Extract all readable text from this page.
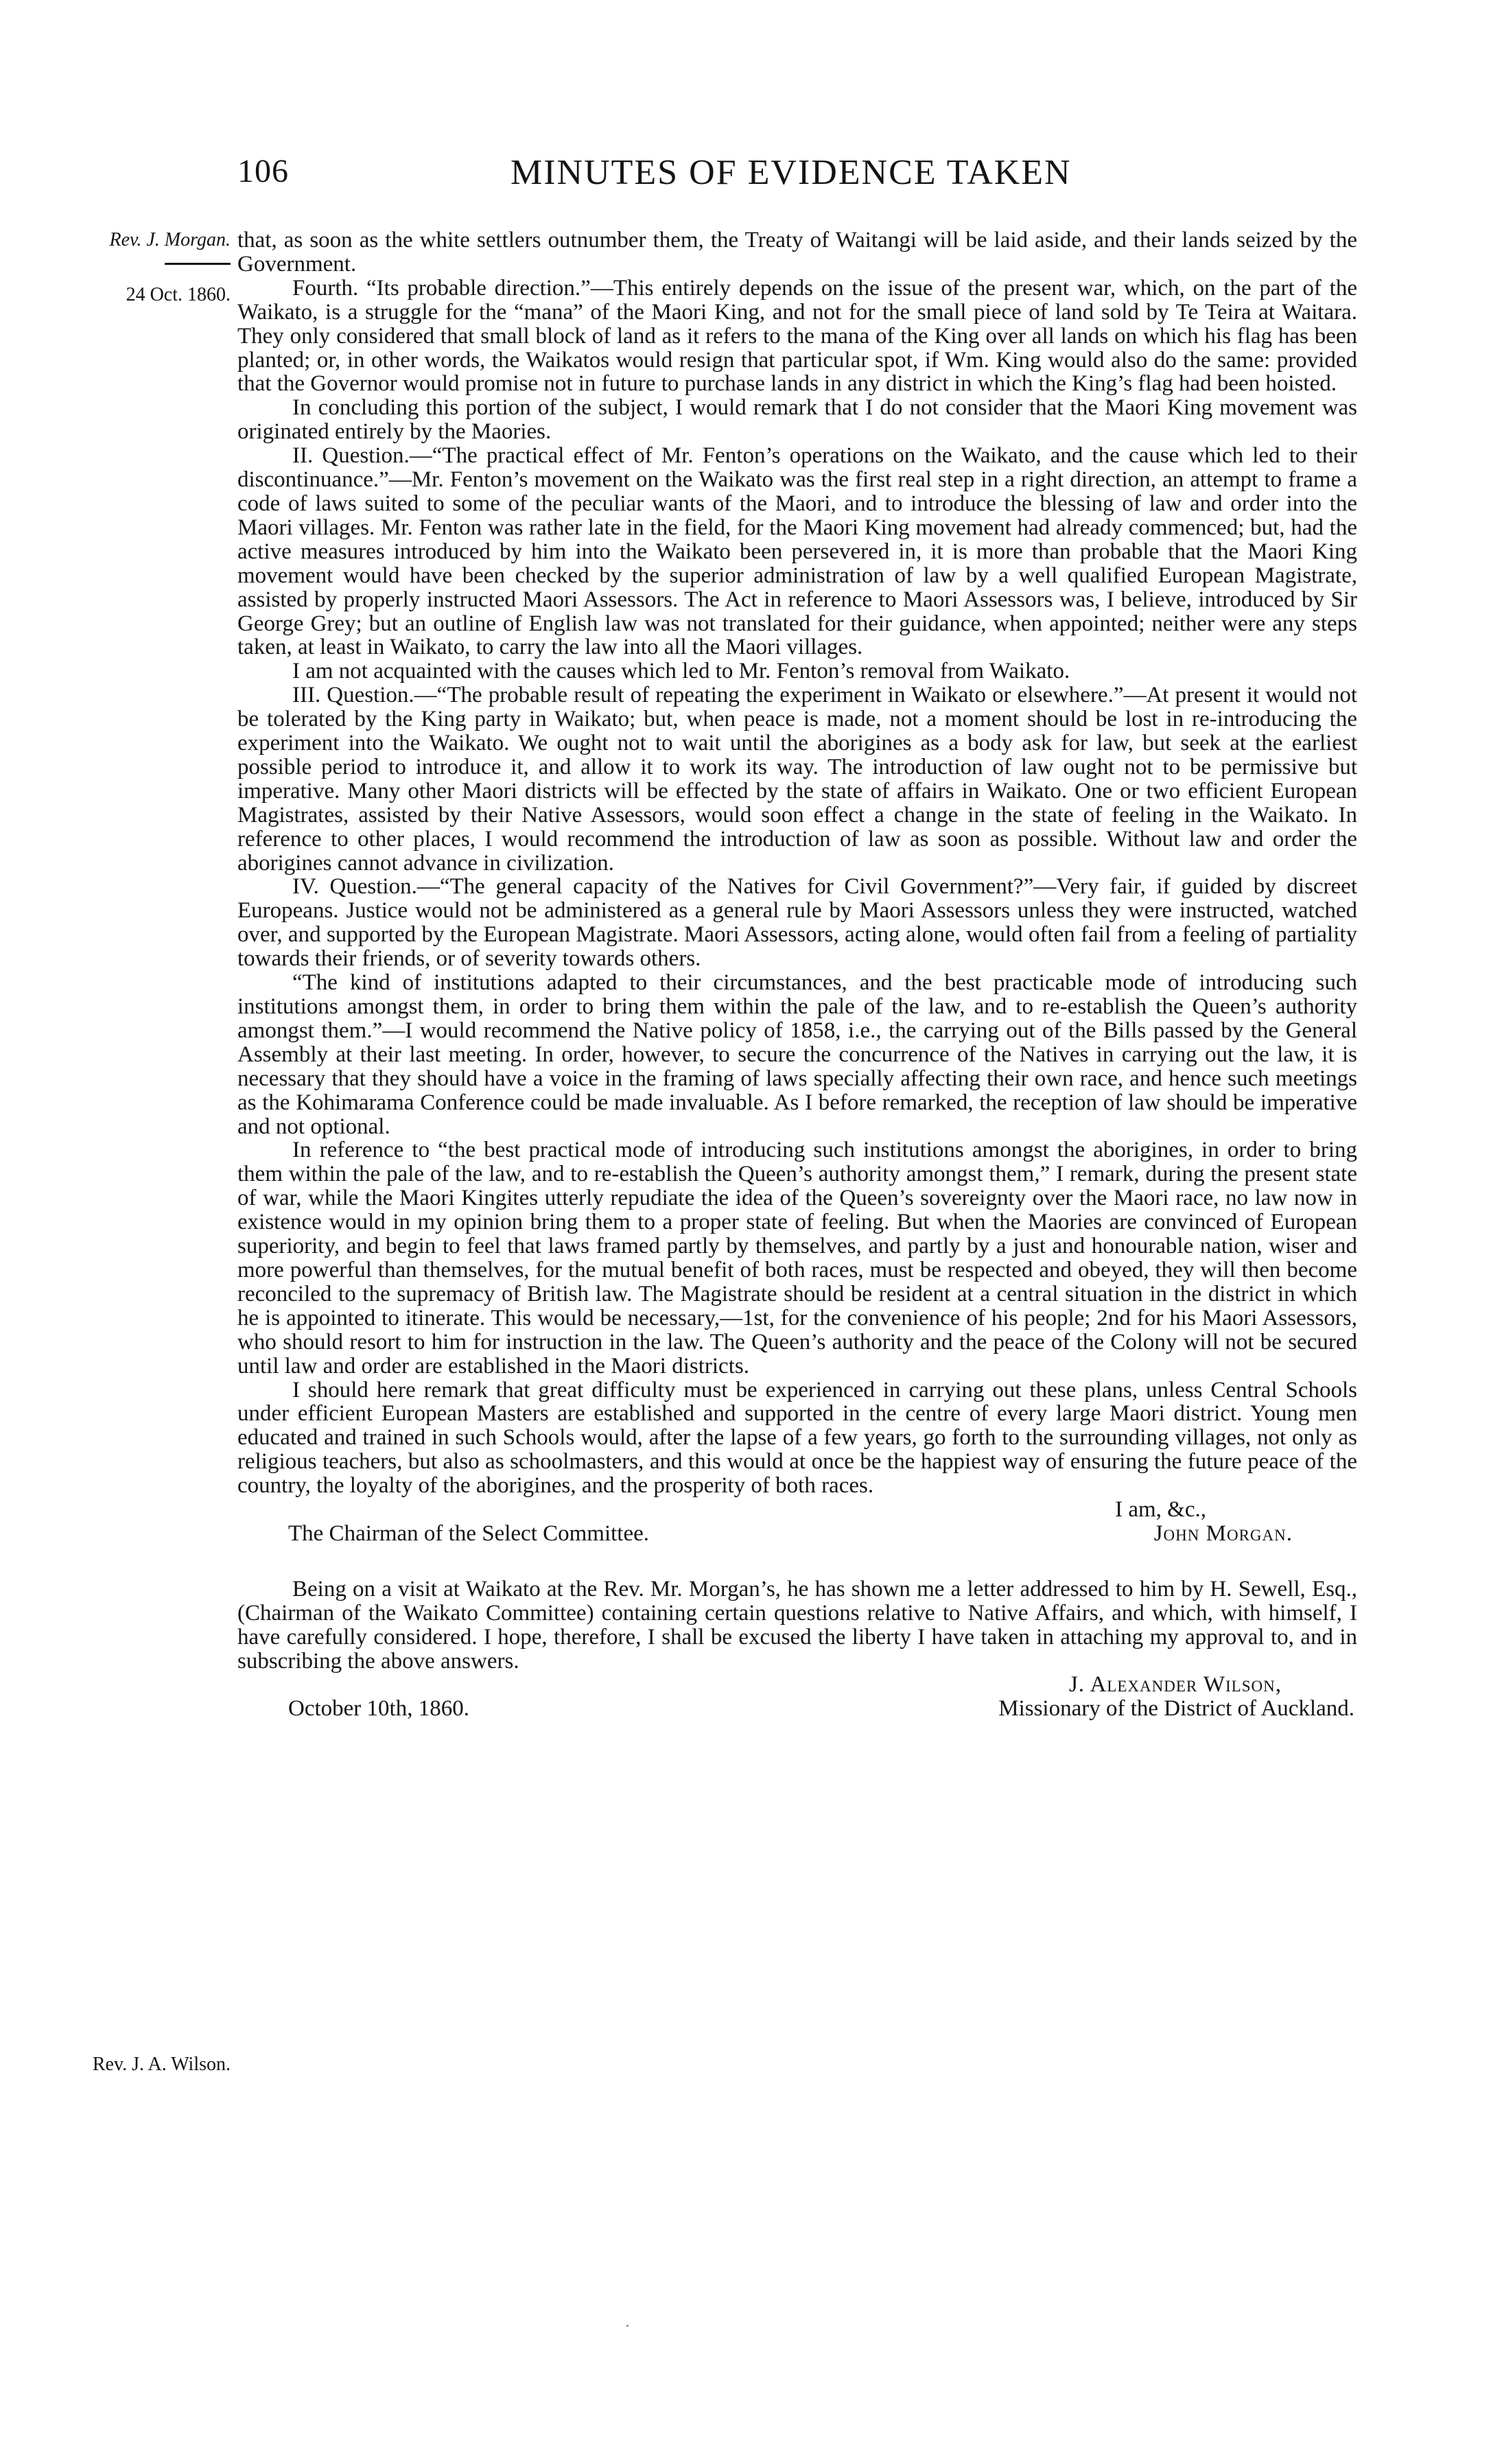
106	MINUTES OF EVIDENCE TAKEN
Rev. J. Morgan.
24 Oct. 1860.
Rev. J. A. Wilson.

that, as soon as the white settlers outnumber them, the Treaty of Waitangi will be laid aside, and their lands seized by the Government.

Fourth. “Its probable direction.”—This entirely depends on the issue of the present war, which, on the part of the Waikato, is a struggle for the “mana” of the Maori King, and not for the small piece of land sold by Te Teira at Waitara. They only considered that small block of land as it refers to the mana of the King over all lands on which his flag has been planted; or, in other words, the Waikatos would resign that particular spot, if Wm. King would also do the same: provided that the Governor would promise not in future to purchase lands in any district in which the King’s flag had been hoisted.

In concluding this portion of the subject, I would remark that I do not consider that the Maori King movement was originated entirely by the Maories.

II. Question.—“The practical effect of Mr. Fenton’s operations on the Waikato, and the cause which led to their discontinuance.”—Mr. Fenton’s movement on the Waikato was the first real step in a right direction, an attempt to frame a code of laws suited to some of the peculiar wants of the Maori, and to introduce the blessing of law and order into the Maori villages. Mr. Fenton was rather late in the field, for the Maori King movement had already commenced; but, had the active measures introduced by him into the Waikato been persevered in, it is more than probable that the Maori King movement would have been checked by the superior administration of law by a well qualified European Magistrate, assisted by properly instructed Maori Assessors. The Act in reference to Maori Assessors was, I believe, introduced by Sir George Grey; but an outline of English law was not translated for their guidance, when appointed; neither were any steps taken, at least in Waikato, to carry the law into all the Maori villages.

I am not acquainted with the causes which led to Mr. Fenton’s removal from Waikato.

III. Question.—“The probable result of repeating the experiment in Waikato or elsewhere.”—At present it would not be tolerated by the King party in Waikato; but, when peace is made, not a moment should be lost in re-introducing the experiment into the Waikato. We ought not to wait until the aborigines as a body ask for law, but seek at the earliest possible period to introduce it, and allow it to work its way. The introduction of law ought not to be permissive but imperative. Many other Maori districts will be effected by the state of affairs in Waikato. One or two efficient European Magistrates, assisted by their Native Assessors, would soon effect a change in the state of feeling in the Waikato. In reference to other places, I would recommend the introduction of law as soon as possible. Without law and order the aborigines cannot advance in civilization.

IV. Question.—“The general capacity of the Natives for Civil Government?”—Very fair, if guided by discreet Europeans. Justice would not be administered as a general rule by Maori Assessors unless they were instructed, watched over, and supported by the European Magistrate. Maori Assessors, acting alone, would often fail from a feeling of partiality towards their friends, or of severity towards others.

“The kind of institutions adapted to their circumstances, and the best practicable mode of introducing such institutions amongst them, in order to bring them within the pale of the law, and to re-establish the Queen’s authority amongst them.”—I would recommend the Native policy of 1858, i.e., the carrying out of the Bills passed by the General Assembly at their last meeting. In order, however, to secure the concurrence of the Natives in carrying out the law, it is necessary that they should have a voice in the framing of laws specially affecting their own race, and hence such meetings as the Kohimarama Conference could be made invaluable. As I before remarked, the reception of law should be imperative and not optional.

In reference to “the best practical mode of introducing such institutions amongst the aborigines, in order to bring them within the pale of the law, and to re-establish the Queen’s authority amongst them,” I remark, during the present state of war, while the Maori Kingites utterly repudiate the idea of the Queen’s sovereignty over the Maori race, no law now in existence would in my opinion bring them to a proper state of feeling. But when the Maories are convinced of European superiority, and begin to feel that laws framed partly by themselves, and partly by a just and honourable nation, wiser and more powerful than themselves, for the mutual benefit of both races, must be respected and obeyed, they will then become reconciled to the supremacy of British law. The Magistrate should be resident at a central situation in the district in which he is appointed to itinerate. This would be necessary,—1st, for the convenience of his people; 2nd for his Maori Assessors, who should resort to him for instruction in the law. The Queen’s authority and the peace of the Colony will not be secured until law and order are established in the Maori districts.

I should here remark that great difficulty must be experienced in carrying out these plans, unless Central Schools under efficient European Masters are established and supported in the centre of every large Maori district. Young men educated and trained in such Schools would, after the lapse of a few years, go forth to the surrounding villages, not only as religious teachers, but also as schoolmasters, and this would at once be the happiest way of ensuring the future peace of the country, the loyalty of the aborigines, and the prosperity of both races.

I am, &c.,
The Chairman of the Select Committee.	John Morgan.

Being on a visit at Waikato at the Rev. Mr. Morgan’s, he has shown me a letter addressed to him by H. Sewell, Esq., (Chairman of the Waikato Committee) containing certain questions relative to Native Affairs, and which, with himself, I have carefully considered. I hope, therefore, I shall be excused the liberty I have taken in attaching my approval to, and in subscribing the above answers.

J. Alexander Wilson,
October 10th, 1860.	Missionary of the District of Auckland.
